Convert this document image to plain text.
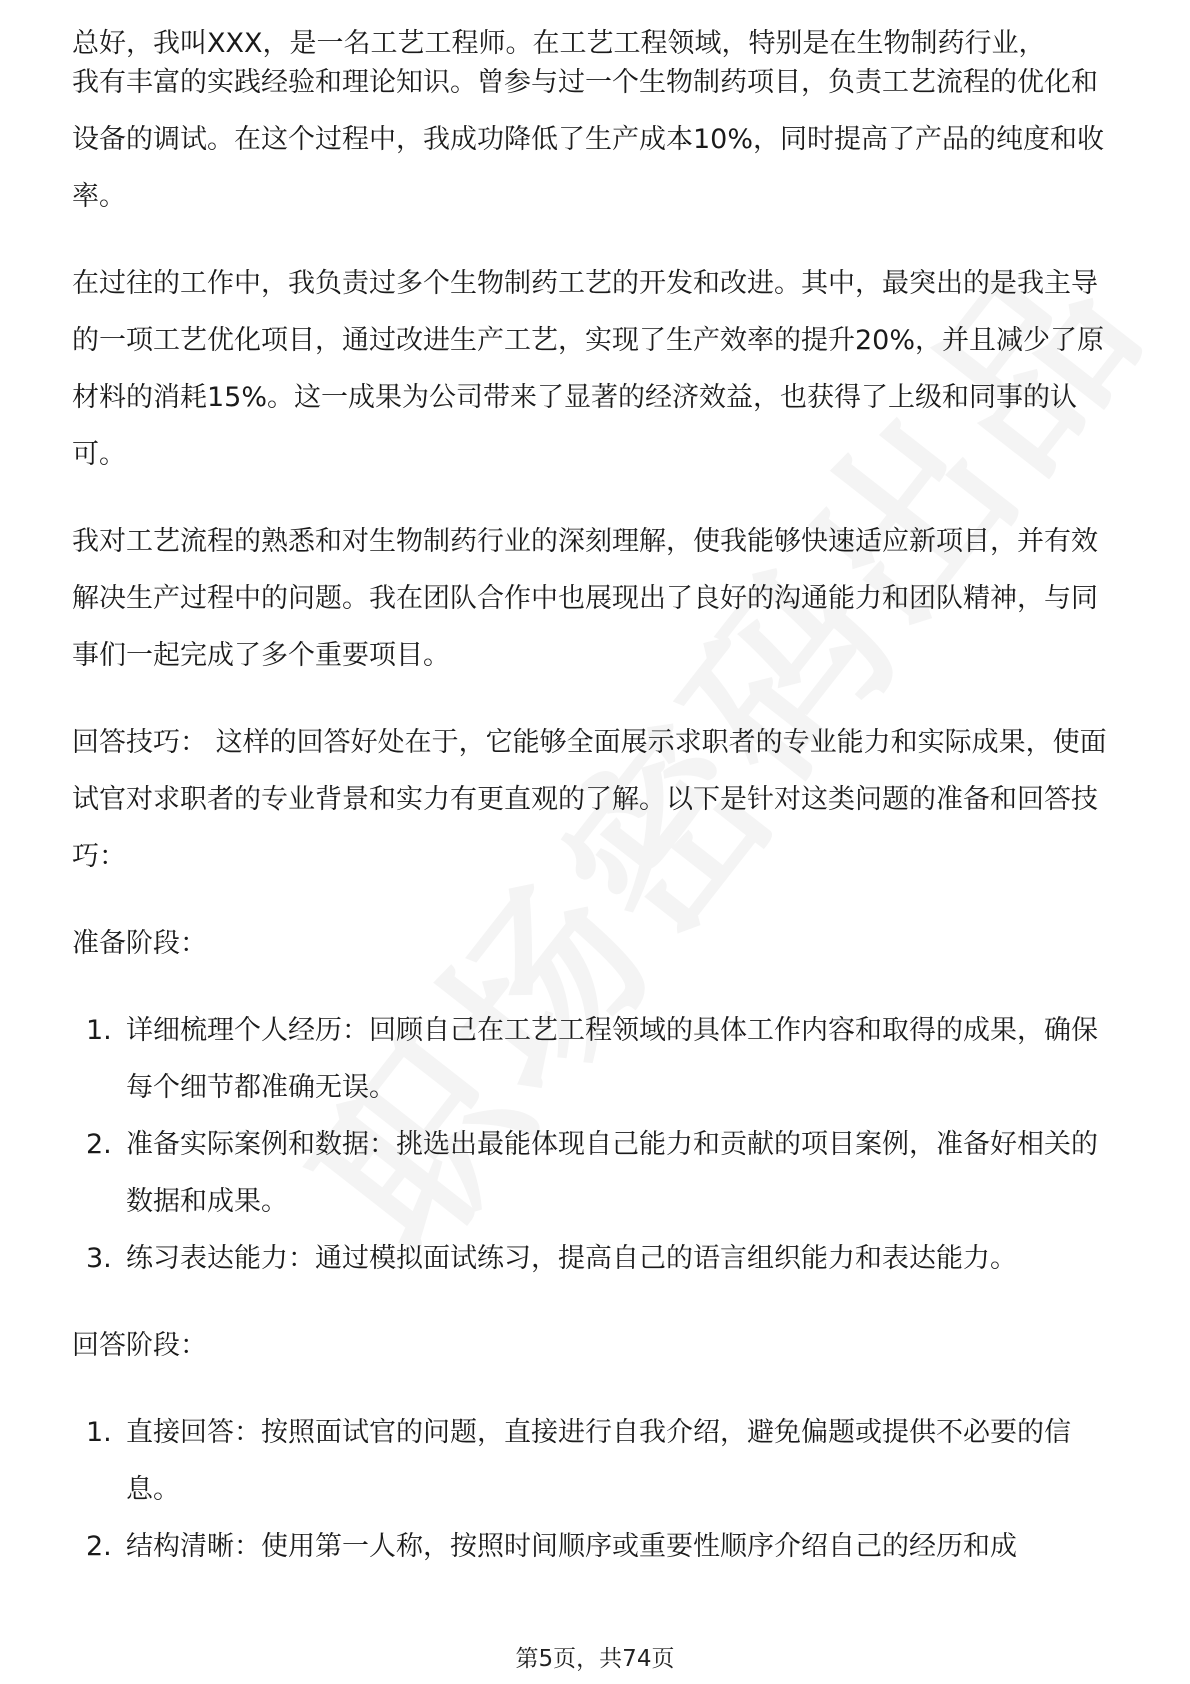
总好，我叫XXX，是一名工艺工程师。在工艺工程领域，特别是在生物制药行业，

我有丰富的实践经验和理论知识。曾参与过一个生物制药项目，负责工艺流程的优化和设备的调试。在这个过程中，我成功降低了生产成本10%，同时提高了产品的纯度和收率。

在过往的工作中，我负责过多个生物制药工艺的开发和改进。其中，最突出的是我主导的一项工艺优化项目，通过改进生产工艺，实现了生产效率的提升20%，并且减少了原材料的消耗15%。这一成果为公司带来了显著的经济效益，也获得了上级和同事的认可。

我对工艺流程的熟悉和对生物制药行业的深刻理解，使我能够快速适应新项目，并有效解决生产过程中的问题。我在团队合作中也展现出了良好的沟通能力和团队精神，与同事们一起完成了多个重要项目。

回答技巧： 这样的回答好处在于，它能够全面展示求职者的专业能力和实际成果，使面试官对求职者的专业背景和实力有更直观的了解。以下是针对这类问题的准备和回答技巧：

准备阶段：
1. 详细梳理个人经历：回顾自己在工艺工程领域的具体工作内容和取得的成果，确保每个细节都准确无误。
2. 准备实际案例和数据：挑选出最能体现自己能力和贡献的项目案例，准备好相关的数据和成果。
3. 练习表达能力：通过模拟面试练习，提高自己的语言组织能力和表达能力。
回答阶段：
1. 直接回答：按照面试官的问题，直接进行自我介绍，避免偏题或提供不必要的信息。
2. 结构清晰：使用第一人称，按照时间顺序或重要性顺序介绍自己的经历和成
第5页，共74页
